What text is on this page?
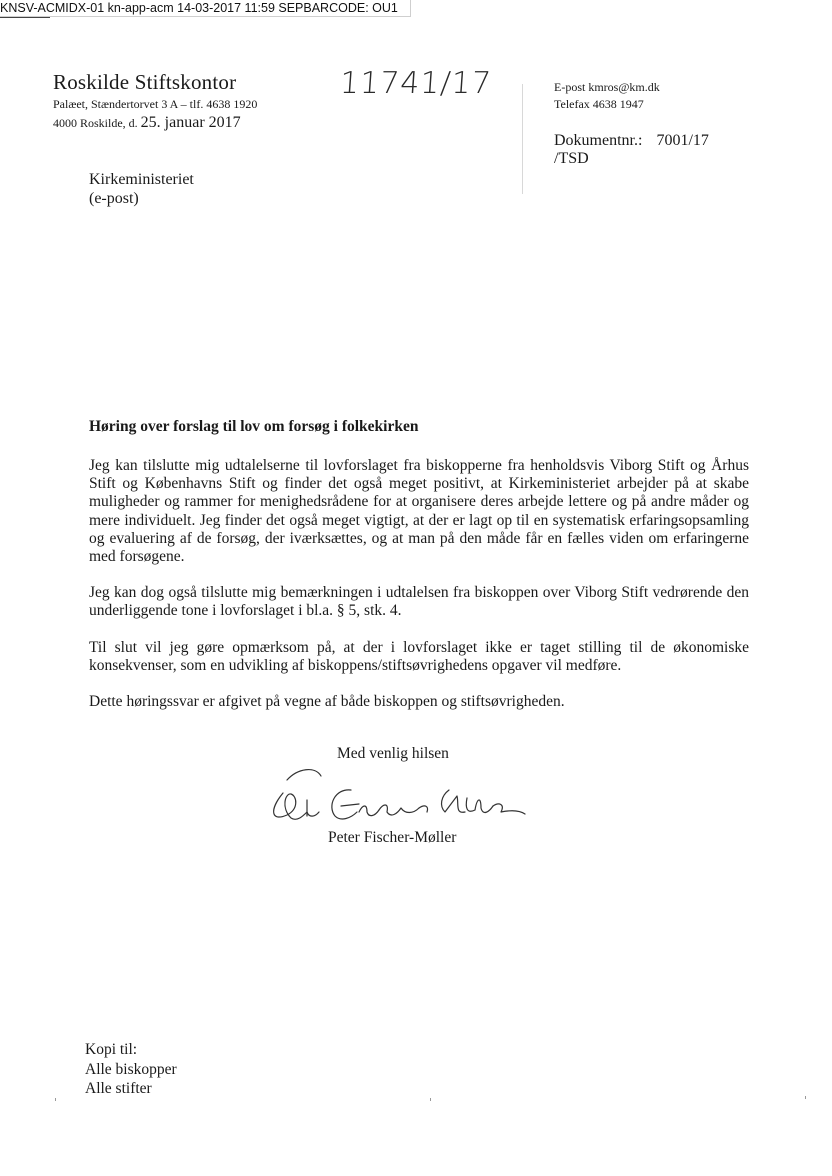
KNSV-ACMIDX-01 kn-app-acm 14-03-2017 11:59 SEPBARCODE: OU1
Roskilde Stiftskontor
Palæet, Stændertorvet 3 A – tlf. 4638 1920
4000 Roskilde, d. 25. januar 2017
11741/17	E-post kmros@km.dk
Telefax 4638 1947
Dokumentnr.: 7001/17
/TSD
Kirkeministeriet
(e-post)
Høring over forslag til lov om forsøg i folkekirken

Jeg kan tilslutte mig udtalelserne til lovforslaget fra biskopperne fra henholdsvis Viborg Stift og Århus Stift og Københavns Stift og finder det også meget positivt, at Kirkeministeriet arbejder på at skabe muligheder og rammer for menighedsrådene for at organisere deres arbejde lettere og på andre måder og mere individuelt. Jeg finder det også meget vigtigt, at der er lagt op til en systematisk erfaringsopsamling og evaluering af de forsøg, der iværksættes, og at man på den måde får en fælles viden om erfaringerne med forsøgene.

Jeg kan dog også tilslutte mig bemærkningen i udtalelsen fra biskoppen over Viborg Stift vedrørende den underliggende tone i lovforslaget i bl.a. § 5, stk. 4.

Til slut vil jeg gøre opmærksom på, at der i lovforslaget ikke er taget stilling til de økonomiske konsekvenser, som en udvikling af biskoppens/stiftsøvrighedens opgaver vil medføre.

Dette høringssvar er afgivet på vegne af både biskoppen og stiftsøvrigheden.

Med venlig hilsen
Peter Fischer-Møller
Kopi til:
Alle biskopper
Alle stifter
